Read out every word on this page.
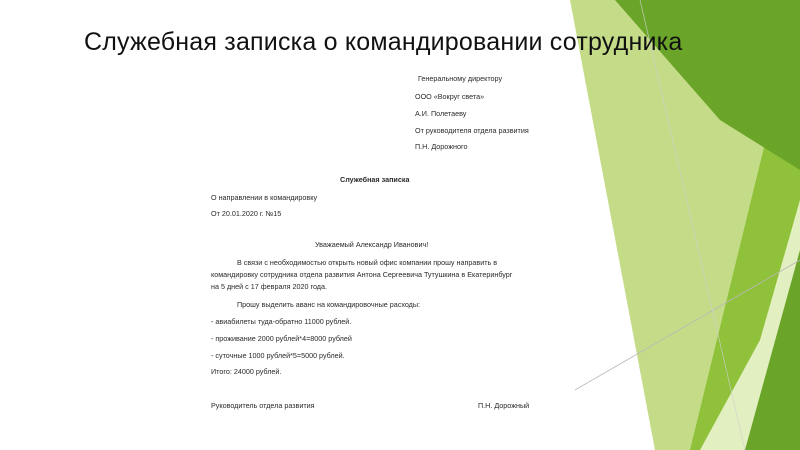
Служебная записка о командировании сотрудника
Генеральному директору
ООО «Вокруг света»
А.И. Полетаеву
От руководителя отдела развития
П.Н. Дорожного
Служебная записка
О направлении в командировку
От 20.01.2020 г. №15
Уважаемый Александр Иванович!
В связи с необходимостью открыть новый офис компании прошу направить в
командировку сотрудника отдела развития Антона Сергеевича Тутушкина в Екатеринбург
на 5 дней с 17 февраля 2020 года.
Прошу выделить аванс на командировочные расходы:
- авиабилеты туда-обратно 11000 рублей.
- проживание 2000 рублей*4=8000 рублей
- суточные 1000 рублей*5=5000 рублей.
Итого: 24000 рублей.
Руководитель отдела развития	П.Н. Дорожный
